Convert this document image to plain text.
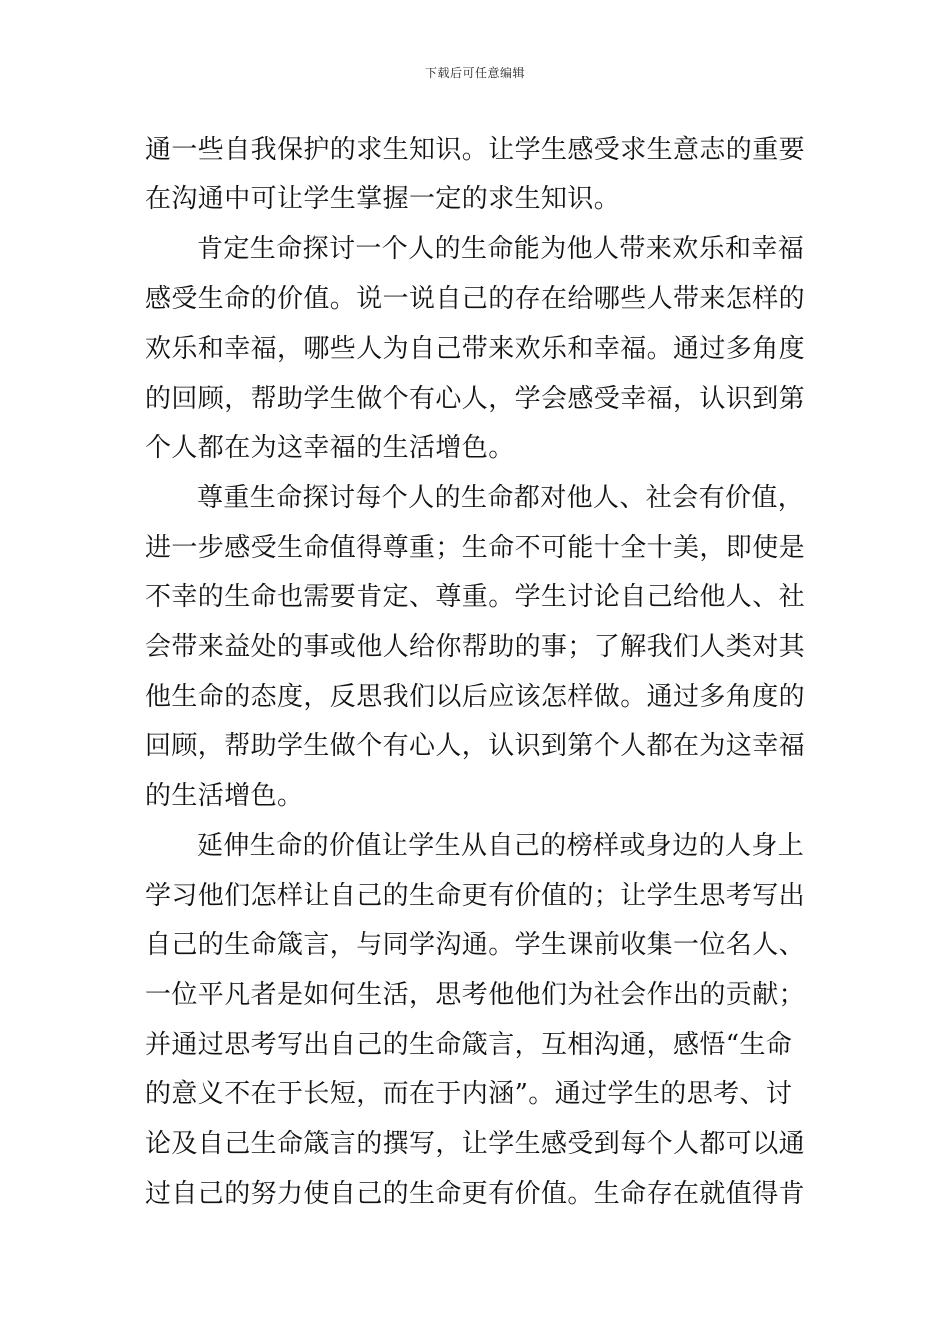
下载后可任意编辑
通一些自我保护的求生知识。让学生感受求生意志的重要
在沟通中可让学生掌握一定的求生知识。
肯定生命探讨一个人的生命能为他人带来欢乐和幸福
感受生命的价值。说一说自己的存在给哪些人带来怎样的
欢乐和幸福，哪些人为自己带来欢乐和幸福。通过多角度
的回顾，帮助学生做个有心人，学会感受幸福，认识到第
个人都在为这幸福的生活增色。
尊重生命探讨每个人的生命都对他人、社会有价值，
进一步感受生命值得尊重；生命不可能十全十美，即使是
不幸的生命也需要肯定、尊重。学生讨论自己给他人、社
会带来益处的事或他人给你帮助的事；了解我们人类对其
他生命的态度，反思我们以后应该怎样做。通过多角度的
回顾，帮助学生做个有心人，认识到第个人都在为这幸福
的生活增色。
延伸生命的价值让学生从自己的榜样或身边的人身上
学习他们怎样让自己的生命更有价值的；让学生思考写出
自己的生命箴言，与同学沟通。学生课前收集一位名人、
一位平凡者是如何生活，思考他他们为社会作出的贡献；
并通过思考写出自己的生命箴言，互相沟通，感悟“生命
的意义不在于长短，而在于内涵”。通过学生的思考、讨
论及自己生命箴言的撰写，让学生感受到每个人都可以通
过自己的努力使自己的生命更有价值。生命存在就值得肯
